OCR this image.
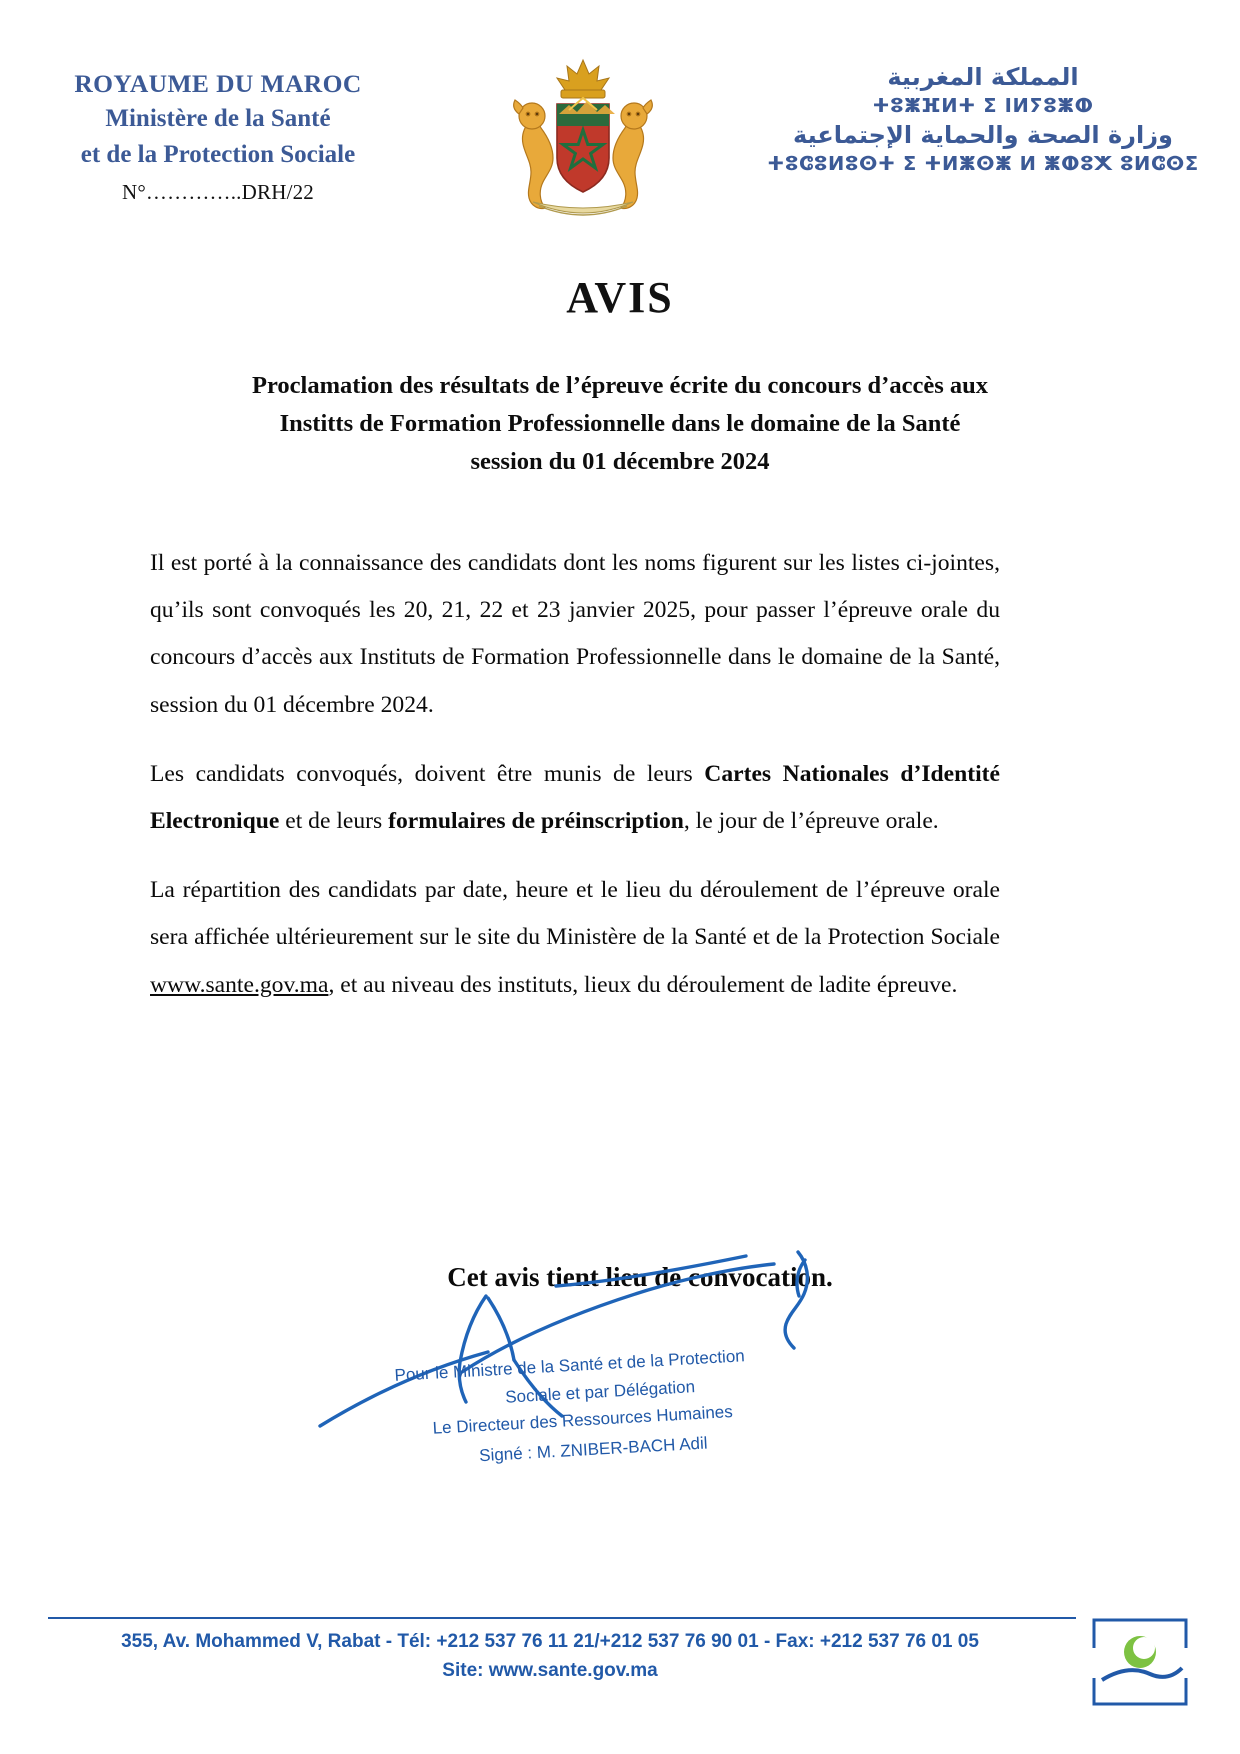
ROYAUME DU MAROC
Ministère de la Santé
et de la Protection Sociale
N°…………..DRH/22
المملكة المغربية
ⵜⵓⵥⴼⵍⵜ ⵉ ⵏⵍⵢⵓⵥⵀ
وزارة الصحة والحماية الإجتماعية
ⵜⵓⵛⵓⵍⵓⵙⵜ ⵉ ⵜⵍⵥⵙⵥ ⵍ ⵥⵀⵓⵅ ⵓⵍⵛⵙⵉ
AVIS
Proclamation des résultats de l’épreuve écrite du concours d’accès aux
Institts de Formation Professionnelle dans le domaine de la Santé
session du 01 décembre 2024

Il est porté à la connaissance des candidats dont les noms figurent sur les listes ci-jointes, qu’ils sont convoqués les 20, 21, 22 et 23 janvier 2025, pour passer l’épreuve orale du concours d’accès aux Instituts de Formation Professionnelle dans le domaine de la Santé, session du 01 décembre 2024.

Les candidats convoqués, doivent être munis de leurs Cartes Nationales d’Identité Electronique et de leurs formulaires de préinscription, le jour de l’épreuve orale.

La répartition des candidats par date, heure et le lieu du déroulement de l’épreuve orale sera affichée ultérieurement sur le site du Ministère de la Santé et de la Protection Sociale www.sante.gov.ma, et au niveau des instituts, lieux du déroulement de ladite épreuve.

Cet avis tient lieu de convocation.
Pour le Ministre de la Santé et de la Protection
Sociale et par Délégation
Le Directeur des Ressources Humaines
Signé : M. ZNIBER-BACH Adil
355, Av. Mohammed V, Rabat - Tél: +212 537 76 11 21/+212 537 76 90 01 - Fax: +212 537 76 01 05
Site: www.sante.gov.ma
